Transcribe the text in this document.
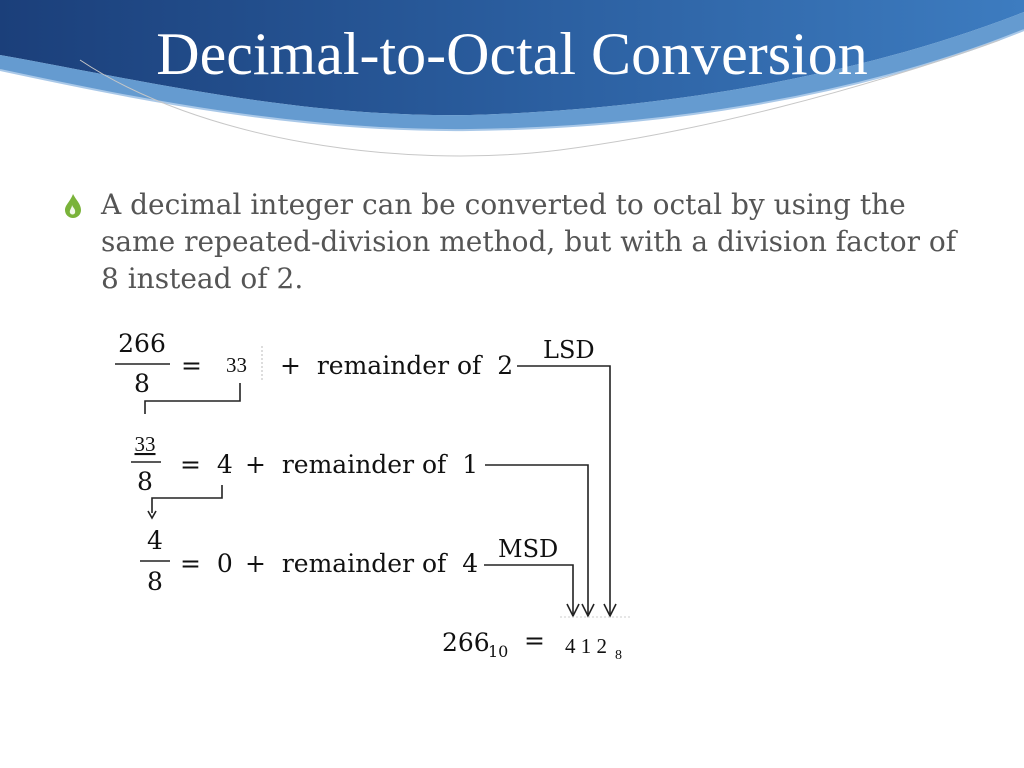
Decimal-to-Octal Conversion
A decimal integer can be converted to octal by using the same repeated-division method, but with a division factor of 8 instead of 2.
266
8
= 33 +  remainder of  2
LSD
33
8
=  4 +  remainder of  1
4
8
=  0 +  remainder of  4 MSD
266
10 = 4 1 2 8
